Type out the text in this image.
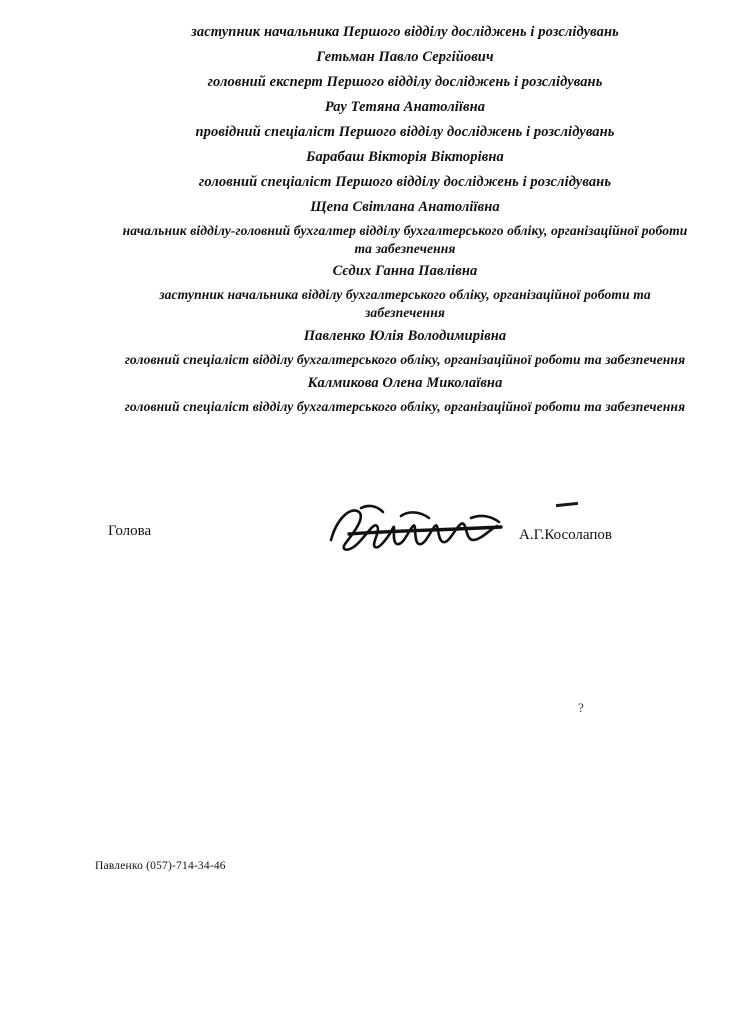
заступник начальника Першого відділу досліджень і розслідувань

Гетьман Павло Сергійович

головний експерт Першого відділу досліджень і розслідувань

Рау Тетяна Анатоліївна

провідний спеціаліст Першого відділу досліджень і розслідувань

Барабаш Вікторія Вікторівна

головний спеціаліст Першого відділу досліджень і розслідувань

Щепа Світлана Анатоліївна

начальник відділу-головний бухгалтер відділу бухгалтерського обліку, організаційної роботи та забезпечення

Сєдих Ганна Павлівна

заступник начальника відділу бухгалтерського обліку, організаційної роботи та забезпечення

Павленко Юлія Володимирівна

головний спеціаліст відділу бухгалтерського обліку, організаційної роботи та забезпечення

Калмикова Олена Миколаївна

головний спеціаліст відділу бухгалтерського обліку, організаційної роботи та забезпечення

Голова	А.Г.Косолапов
?
Павленко (057)-714-34-46
